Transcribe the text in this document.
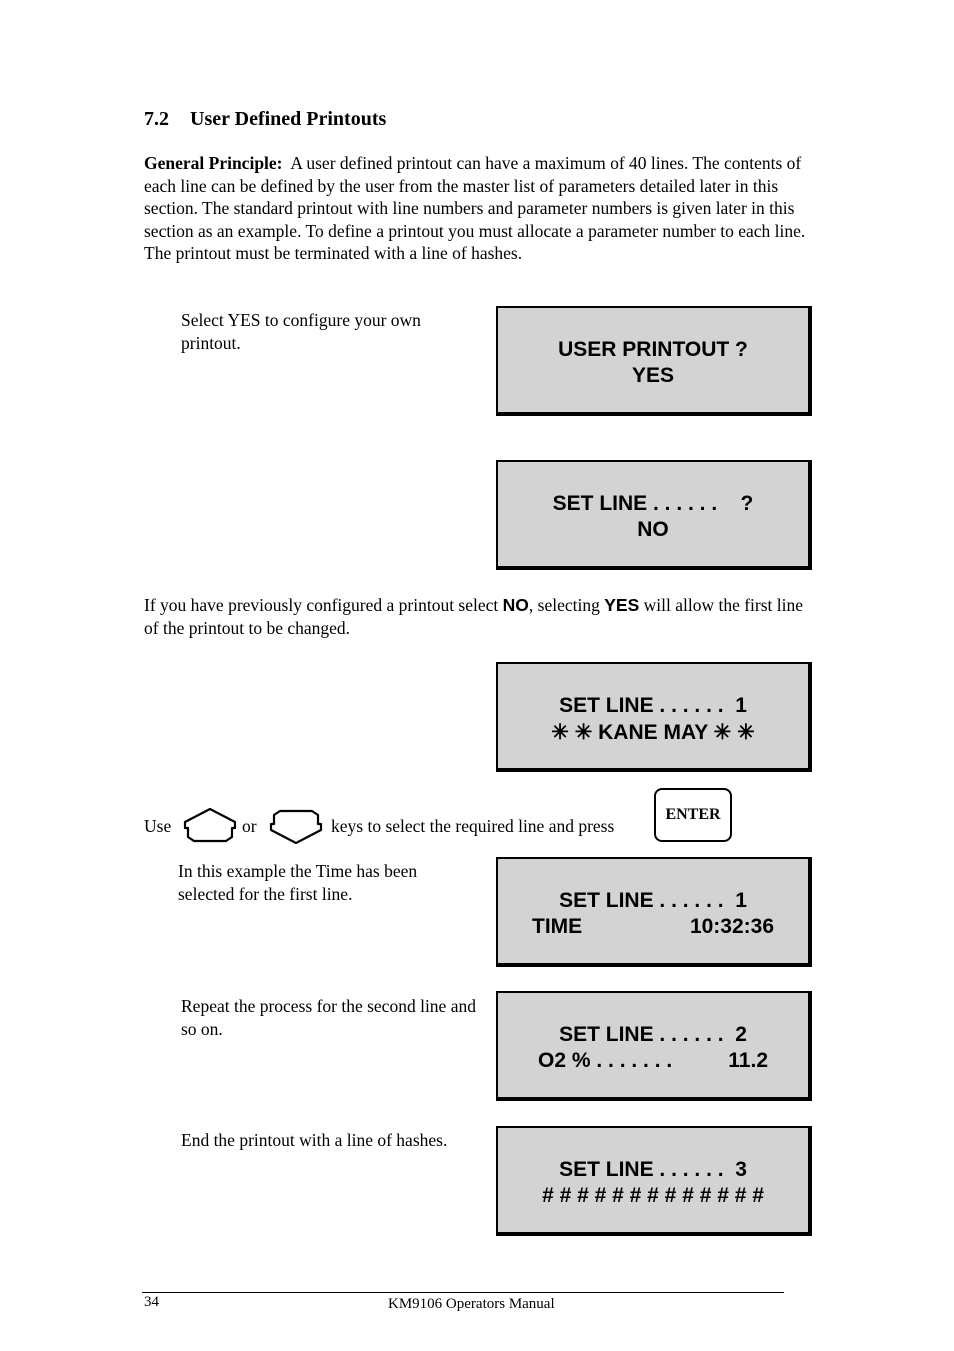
7.2 User Defined Printouts
General Principle: A user defined printout can have a maximum of 40 lines. The contents of each line can be defined by the user from the master list of parameters detailed later in this section. The standard printout with line numbers and parameter numbers is given later in this section as an example. To define a printout you must allocate a parameter number to each line. The printout must be terminated with a line of hashes.
Select YES to configure your own printout.	USER PRINTOUT ?
YES
SET LINE . . . . . .    ?
NO
If you have previously configured a printout select NO, selecting YES will allow the first line of the printout to be changed.
SET LINE . . . . . .  1
✳ ✳ KANE MAY ✳ ✳
Use	or	keys to select the required line and press
ENTER
In this example the Time has been selected for the first line.	SET LINE . . . . . .  1
TIME	10:32:36
Repeat the process for the second line and so on.	SET LINE . . . . . .  2
O2 % . . . . . . .	11.2
End the printout with a line of hashes.
SET LINE . . . . . .  3
# # # # # # # # # # # # #
34	KM9106 Operators Manual
